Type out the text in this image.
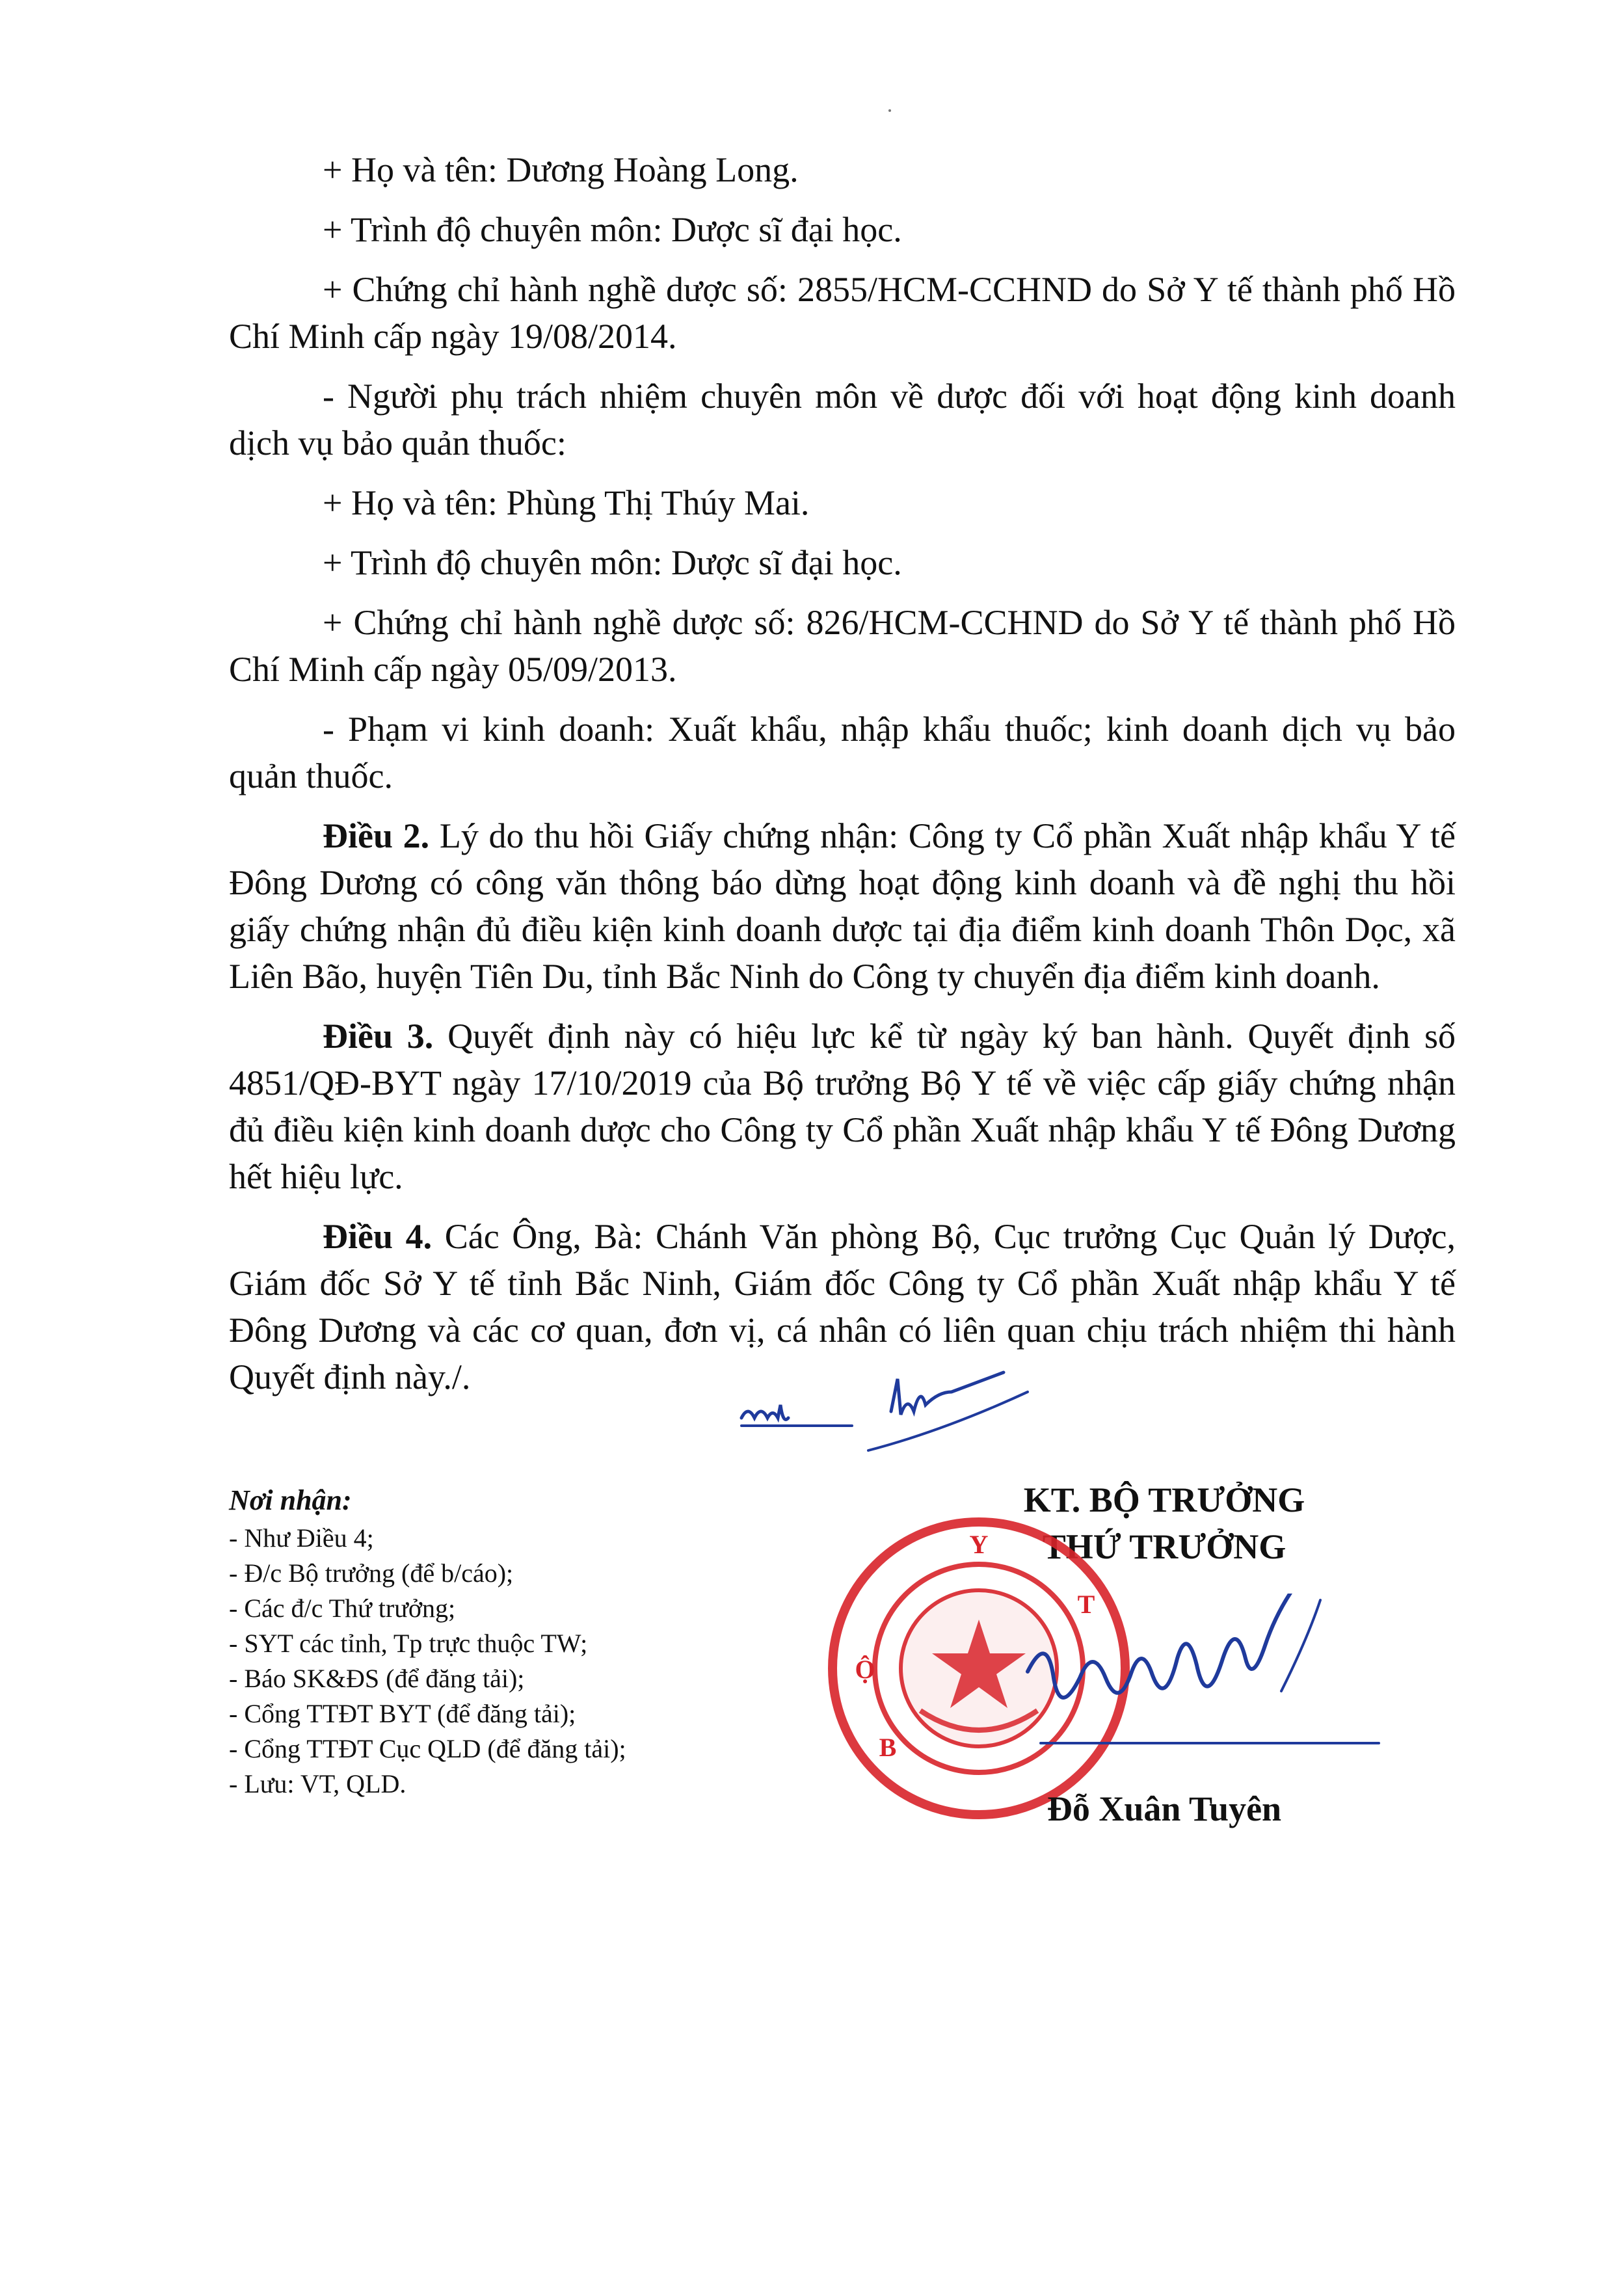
+ Họ và tên: Dương Hoàng Long.

+ Trình độ chuyên môn: Dược sĩ đại học.

+ Chứng chỉ hành nghề dược số: 2855/HCM-CCHND do Sở Y tế thành phố Hồ Chí Minh cấp ngày 19/08/2014.

- Người phụ trách nhiệm chuyên môn về dược đối với hoạt động kinh doanh dịch vụ bảo quản thuốc:

+ Họ và tên: Phùng Thị Thúy Mai.

+ Trình độ chuyên môn: Dược sĩ đại học.

+ Chứng chỉ hành nghề dược số: 826/HCM-CCHND do Sở Y tế thành phố Hồ Chí Minh cấp ngày 05/09/2013.

- Phạm vi kinh doanh: Xuất khẩu, nhập khẩu thuốc; kinh doanh dịch vụ bảo quản thuốc.

Điều 2. Lý do thu hồi Giấy chứng nhận: Công ty Cổ phần Xuất nhập khẩu Y tế Đông Dương có công văn thông báo dừng hoạt động kinh doanh và đề nghị thu hồi giấy chứng nhận đủ điều kiện kinh doanh dược tại địa điểm kinh doanh Thôn Dọc, xã Liên Bão, huyện Tiên Du, tỉnh Bắc Ninh do Công ty chuyển địa điểm kinh doanh.

Điều 3. Quyết định này có hiệu lực kể từ ngày ký ban hành. Quyết định số 4851/QĐ-BYT ngày 17/10/2019 của Bộ trưởng Bộ Y tế về việc cấp giấy chứng nhận đủ điều kiện kinh doanh dược cho Công ty Cổ phần Xuất nhập khẩu Y tế Đông Dương hết hiệu lực.

Điều 4. Các Ông, Bà: Chánh Văn phòng Bộ, Cục trưởng Cục Quản lý Dược, Giám đốc Sở Y tế tỉnh Bắc Ninh, Giám đốc Công ty Cổ phần Xuất nhập khẩu Y tế Đông Dương và các cơ quan, đơn vị, cá nhân có liên quan chịu trách nhiệm thi hành Quyết định này./.

Nơi nhận:
- Như Điều 4;
- Đ/c Bộ trưởng (để b/cáo);
- Các đ/c Thứ trưởng;
- SYT các tỉnh, Tp trực thuộc TW;
- Báo SK&ĐS (để đăng tải);
- Cổng TTĐT BYT (để đăng tải);
- Cổng TTĐT Cục QLD (để đăng tải);
- Lưu: VT, QLD.
KT. BỘ TRƯỞNG
THỨ TRƯỞNG
Y
Ộ
B
T
Đỗ Xuân Tuyên
